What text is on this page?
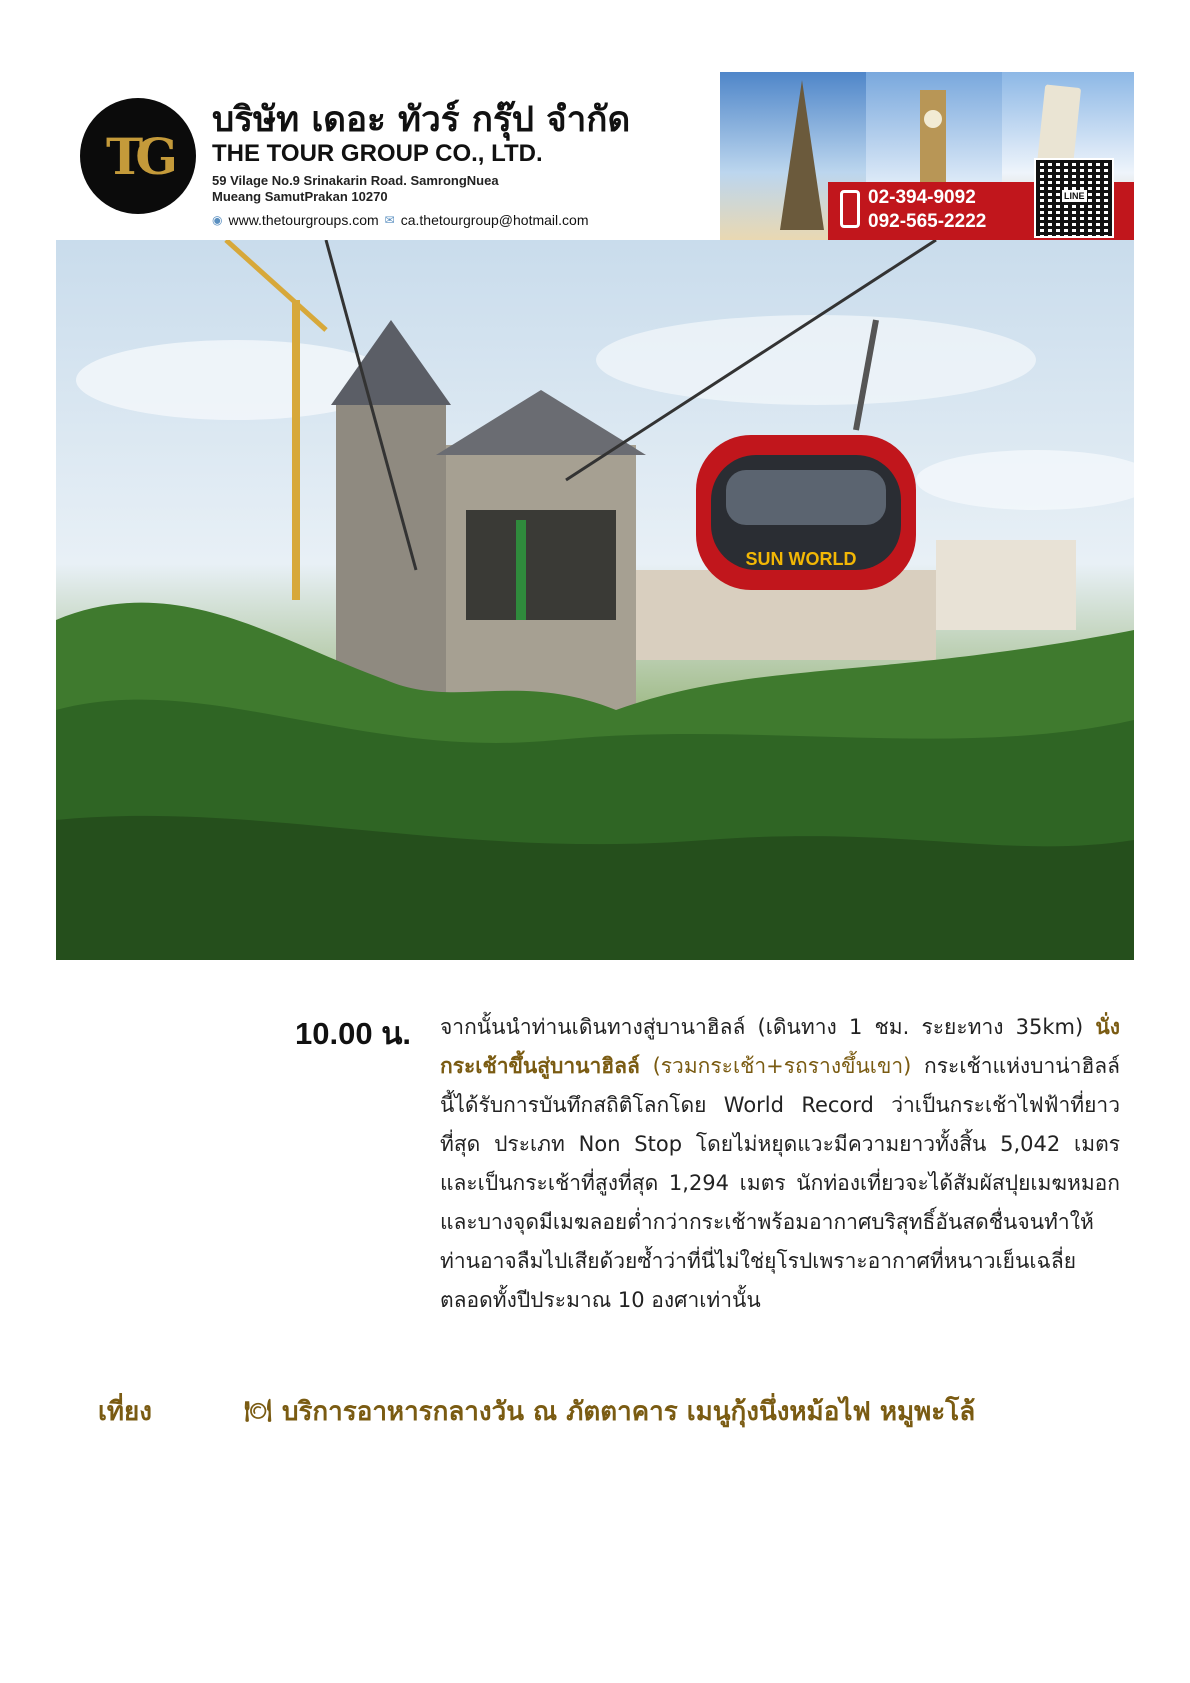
TG
บริษัท เดอะ ทัวร์ กรุ๊ป จำกัด
THE TOUR GROUP CO., LTD.
59 Vilage No.9 Srinakarin Road. SamrongNuea
Mueang SamutPrakan 10270
◉ www.thetourgroups.com ✉ ca.thetourgroup@hotmail.com
02-394-9092
092-565-2222
LINE
SUN WORLD
10.00 น. จากนั้นนำท่านเดินทางสู่บานาฮิลล์ (เดินทาง 1 ชม. ระยะทาง 35km) นั่งกระเช้าขึ้นสู่บานาฮิลล์ (รวมกระเช้า+รถรางขึ้นเขา) กระเช้าแห่งบาน่าฮิลล์นี้ได้รับการบันทึกสถิติโลกโดย World Record ว่าเป็นกระเช้าไฟฟ้าที่ยาวที่สุด ประเภท Non Stop โดยไม่หยุดแวะมีความยาวทั้งสิ้น 5,042 เมตร และเป็นกระเช้าที่สูงที่สุด 1,294 เมตร นักท่องเที่ยวจะได้สัมผัสปุยเมฆหมอกและบางจุดมีเมฆลอยต่ำกว่ากระเช้าพร้อมอากาศบริสุทธิ์อันสดชื่นจนทำให้ท่านอาจลืมไปเสียด้วยซ้ำว่าที่นี่ไม่ใช่ยุโรปเพราะอากาศที่หนาวเย็นเฉลี่ยตลอดทั้งปีประมาณ 10 องศาเท่านั้น
เที่ยง	🍽 บริการอาหารกลางวัน ณ ภัตตาคาร เมนูกุ้งนึ่งหม้อไฟ หมูพะโล้
